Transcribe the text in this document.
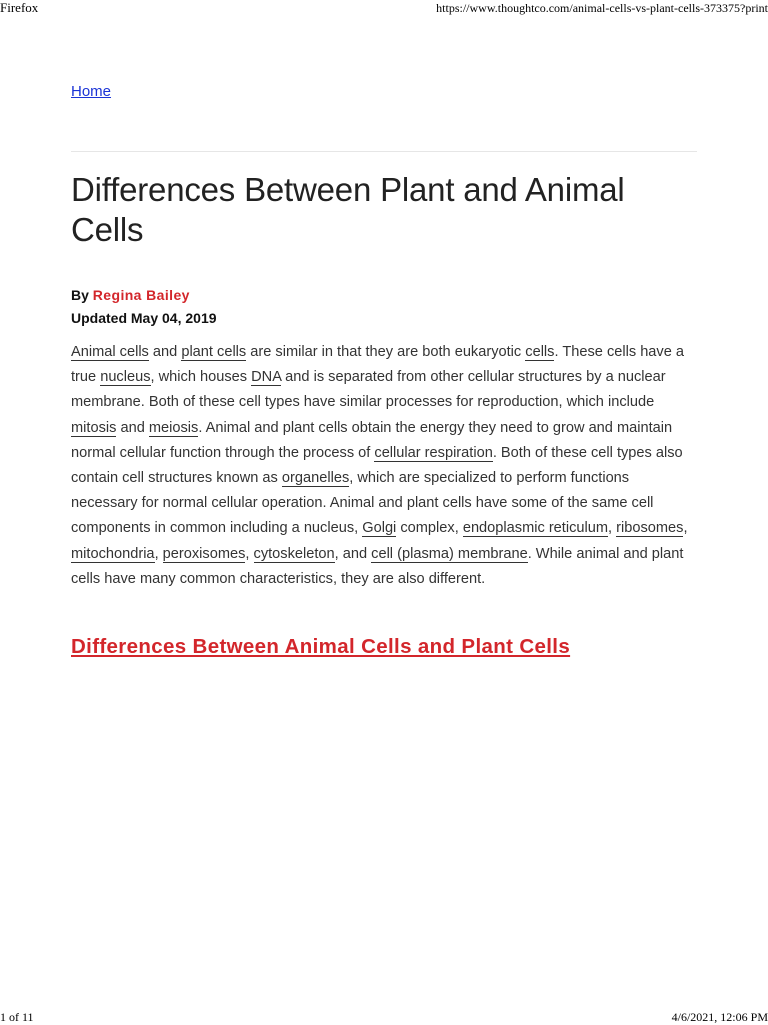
Firefox	https://www.thoughtco.com/animal-cells-vs-plant-cells-373375?print
Home
Differences Between Plant and Animal Cells
By Regina Bailey
Updated May 04, 2019

Animal cells and plant cells are similar in that they are both eukaryotic cells. These cells have a true nucleus, which houses DNA and is separated from other cellular structures by a nuclear membrane. Both of these cell types have similar processes for reproduction, which include mitosis and meiosis. Animal and plant cells obtain the energy they need to grow and maintain normal cellular function through the process of cellular respiration. Both of these cell types also contain cell structures known as organelles, which are specialized to perform functions necessary for normal cellular operation. Animal and plant cells have some of the same cell components in common including a nucleus, Golgi complex, endoplasmic reticulum, ribosomes, mitochondria, peroxisomes, cytoskeleton, and cell (plasma) membrane. While animal and plant cells have many common characteristics, they are also different.

Differences Between Animal Cells and Plant Cells
1 of 11	4/6/2021, 12:06 PM
